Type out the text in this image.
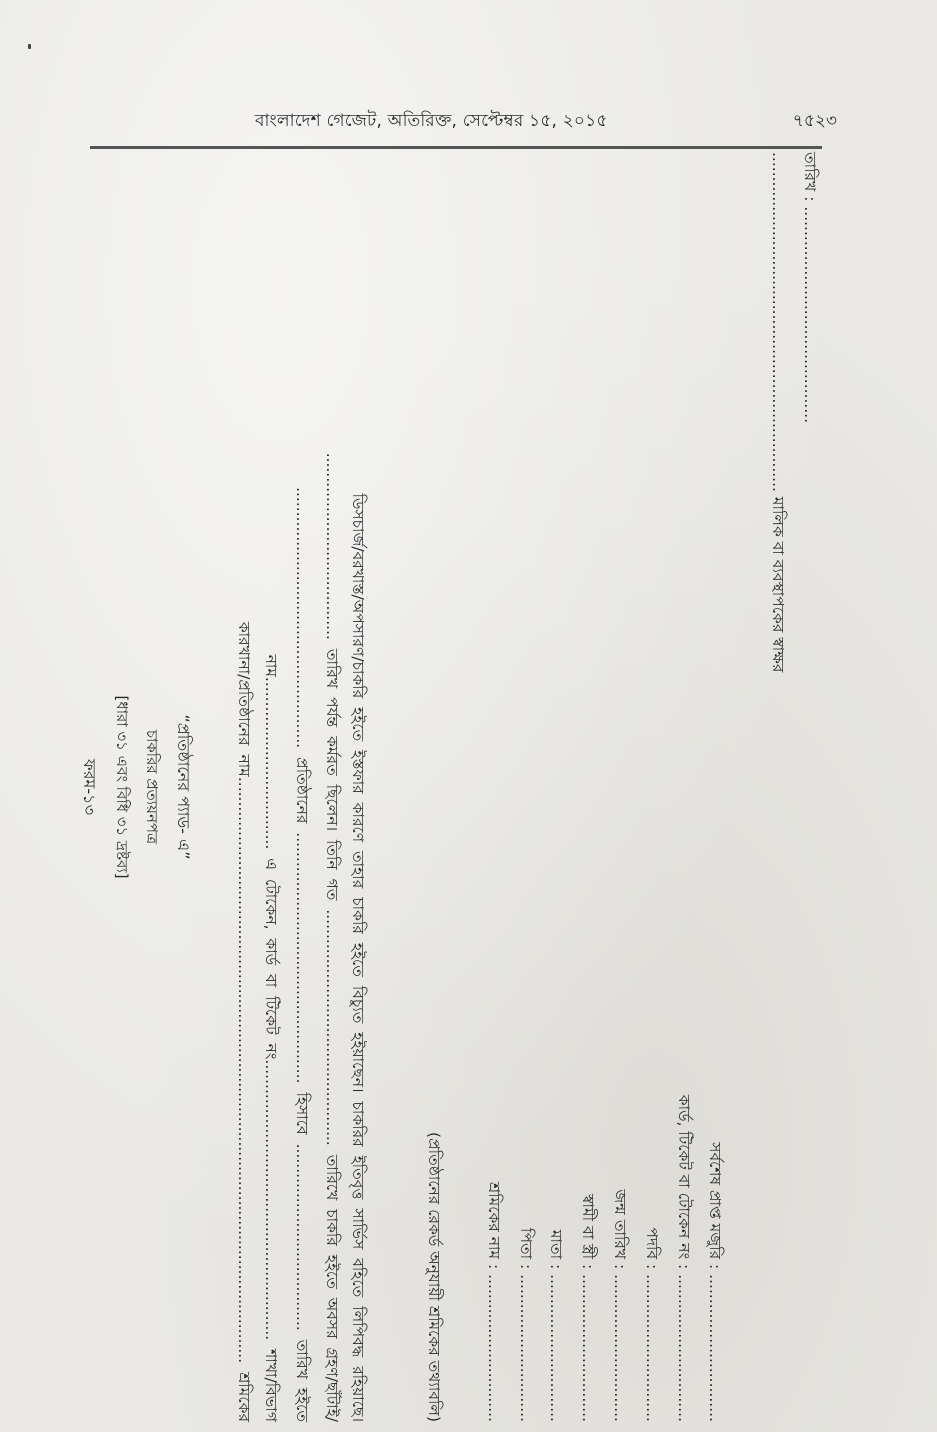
বাংলাদেশ গেজেট, অতিরিক্ত, সেপ্টেম্বর ১৫, ২০১৫	৭৫২৩
ফরম-১৩ [ধারা ৩১ এবং বিধি ৩১ দ্রষ্টব্য] চাকরির প্রত্যয়নপত্র “প্রতিষ্ঠানের প্যাড- এ”	কারখানা/প্রতিষ্ঠানের নাম....................................................................................................................... শ্রমিকের নাম................................... এ টোকেন, কার্ড বা টিকেট নং......................................................... শাখা/বিভাগ ..................................................... প্রতিষ্ঠানের ................................................... হিসাবে ...................................... তারিখ হইতে ...................................... তারিখ পর্যন্ত কর্মরত ছিলেন। তিনি গত ................................................ তারিখে চাকরি হইতে অবসর গ্রহণ/ছাঁটাই/ ডিসচার্জ/বরখাস্ত/অপসারণ/চাকরি হইতে ইস্তফার কারণে তাহার চাকরি হইতে বিচ্যুত হইয়াছেন। চাকরির ইতিবৃত্ত সার্ভিস বহিতে লিপিবদ্ধ রহিয়াছে।	(প্রতিষ্ঠানের রেকর্ড অনুযায়ী শ্রমিকের তথ্যাবলি)	শ্রমিকের নাম : .............................. পিতা : .............................. মাতা : .............................. স্বামী বা স্ত্রী : .............................. জন্ম তারিখ : .............................. পদবি : .............................. কার্ড, টিকেট বা টোকেন নং : .............................. সর্বশেষ প্রাপ্ত মজুরি : ..............................
..................................................................... মালিক বা ব্যবস্থাপকের স্বাক্ষর তারিখ : ............................................
